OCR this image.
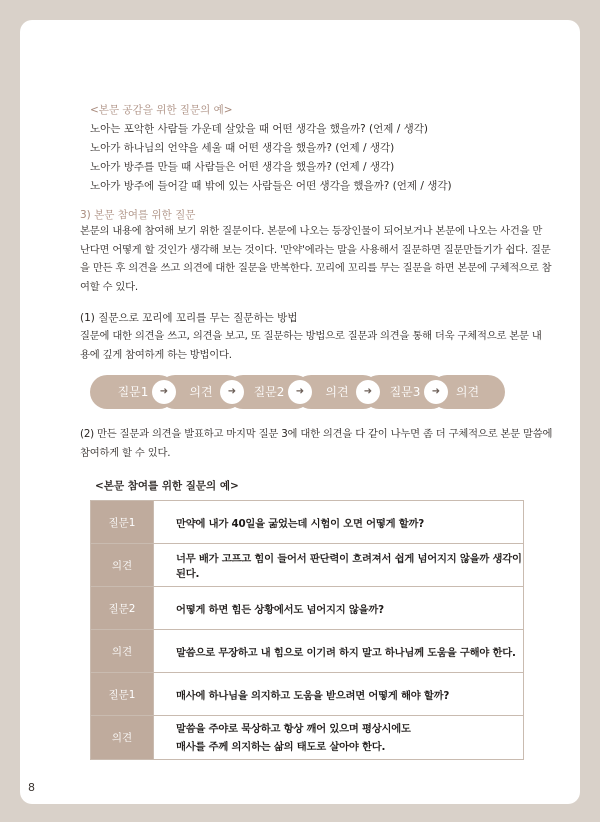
<본문 공감을 위한 질문의 예>
노아는 포악한 사람들 가운데 살았을 때 어떤 생각을 했을까? (언제 / 생각)
노아가 하나님의 언약을 세울 때 어떤 생각을 했을까? (언제 / 생각)
노아가 방주를 만들 때 사람들은 어떤 생각을 했을까? (언제 / 생각)
노아가 방주에 들어갈 때 밖에 있는 사람들은 어떤 생각을 했을까? (언제 / 생각)
3) 본문 참여를 위한 질문
본문의 내용에 참여해 보기 위한 질문이다. 본문에 나오는 등장인물이 되어보거나 본문에 나오는 사건을 만
난다면 어떻게 할 것인가 생각해 보는 것이다. '만약'에라는 말을 사용해서 질문하면 질문만들기가 쉽다. 질문
을 만든 후 의견을 쓰고 의견에 대한 질문을 반복한다. 꼬리에 꼬리를 무는 질문을 하면 본문에 구체적으로 참
여할 수 있다.
(1) 질문으로 꼬리에 꼬리를 무는 질문하는 방법
질문에 대한 의견을 쓰고, 의견을 보고, 또 질문하는 방법으로 질문과 의견을 통해 더욱 구체적으로 본문 내
용에 깊게 참여하게 하는 방법이다.
질문1	의견	질문2	의견	질문3	의견
➜	➜	➜	➜	➜
(2) 만든 질문과 의견을 발표하고 마지막 질문 3에 대한 의견을 다 같이 나누면 좀 더 구체적으로 본문 말씀에
참여하게 할 수 있다.
<본문 참여를 위한 질문의 예>
질문1	만약에 내가 40일을 굶었는데 시험이 오면 어떻게 할까?
의견	너무 배가 고프고 힘이 들어서 판단력이 흐려져서 쉽게 넘어지지 않을까 생각이 된다.
질문2	어떻게 하면 힘든 상황에서도 넘어지지 않을까?
의견	말씀으로 무장하고 내 힘으로 이기려 하지 말고 하나님께 도움을 구해야 한다.
질문1	매사에 하나님을 의지하고 도움을 받으려면 어떻게 해야 할까?
의견	말씀을 주야로 묵상하고 항상 깨어 있으며 평상시에도
매사를 주께 의지하는 삶의 태도로 살아야 한다.
8
